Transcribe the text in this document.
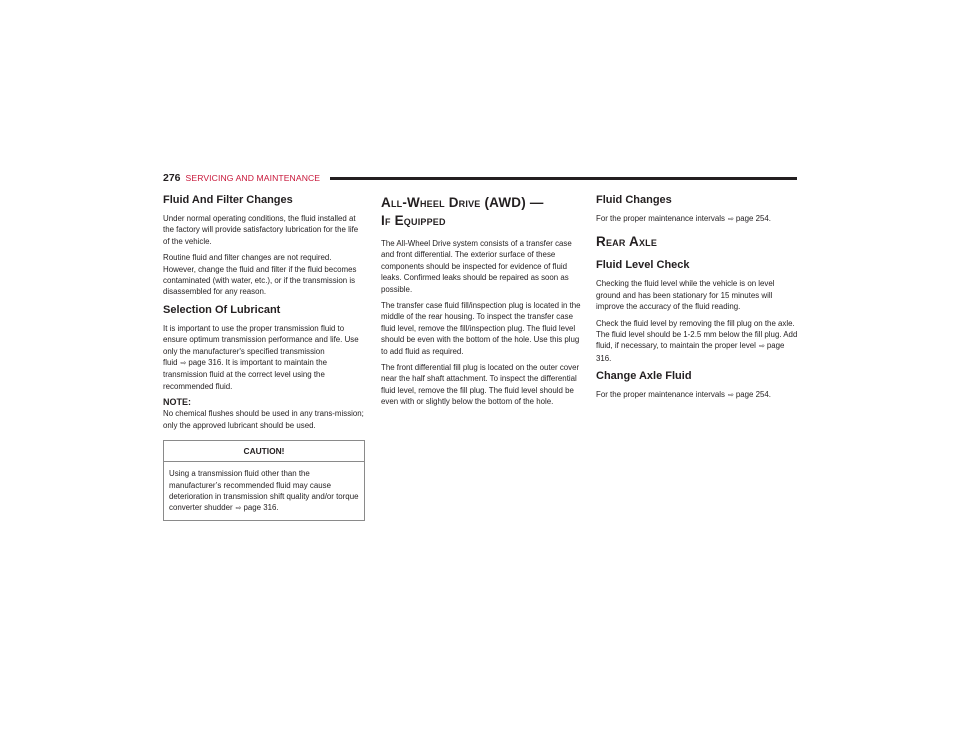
276 SERVICING AND MAINTENANCE
Fluid And Filter Changes

Under normal operating conditions, the fluid installed at the factory will provide satisfactory lubrication for the life of the vehicle.

Routine fluid and filter changes are not required. However, change the fluid and filter if the fluid becomes contaminated (with water, etc.), or if the transmission is disassembled for any reason.

Selection Of Lubricant

It is important to use the proper transmission fluid to ensure optimum transmission performance and life. Use only the manufacturer's specified transmission fluid ⇨ page 316. It is important to maintain the transmission fluid at the correct level using the recommended fluid.

NOTE:

No chemical flushes should be used in any trans-mission; only the approved lubricant should be used.

CAUTION!

Using a transmission fluid other than the manufacturer’s recommended fluid may cause deterioration in transmission shift quality and/or torque converter shudder ⇨ page 316.

All-Wheel Drive (AWD) —
If Equipped

The All-Wheel Drive system consists of a transfer case and front differential. The exterior surface of these components should be inspected for evidence of fluid leaks. Confirmed leaks should be repaired as soon as possible.

The transfer case fluid fill/inspection plug is located in the middle of the rear housing. To inspect the transfer case fluid level, remove the fill/inspection plug. The fluid level should be even with the bottom of the hole. Use this plug to add fluid as required.

The front differential fill plug is located on the outer cover near the half shaft attachment. To inspect the differential fluid level, remove the fill plug. The fluid level should be even with or slightly below the bottom of the hole.

Fluid Changes

For the proper maintenance intervals ⇨ page 254.

Rear Axle
Fluid Level Check

Checking the fluid level while the vehicle is on level ground and has been stationary for 15 minutes will improve the accuracy of the fluid reading.

Check the fluid level by removing the fill plug on the axle. The fluid level should be 1-2.5 mm below the fill plug. Add fluid, if necessary, to maintain the proper level ⇨ page 316.

Change Axle Fluid

For the proper maintenance intervals ⇨ page 254.
